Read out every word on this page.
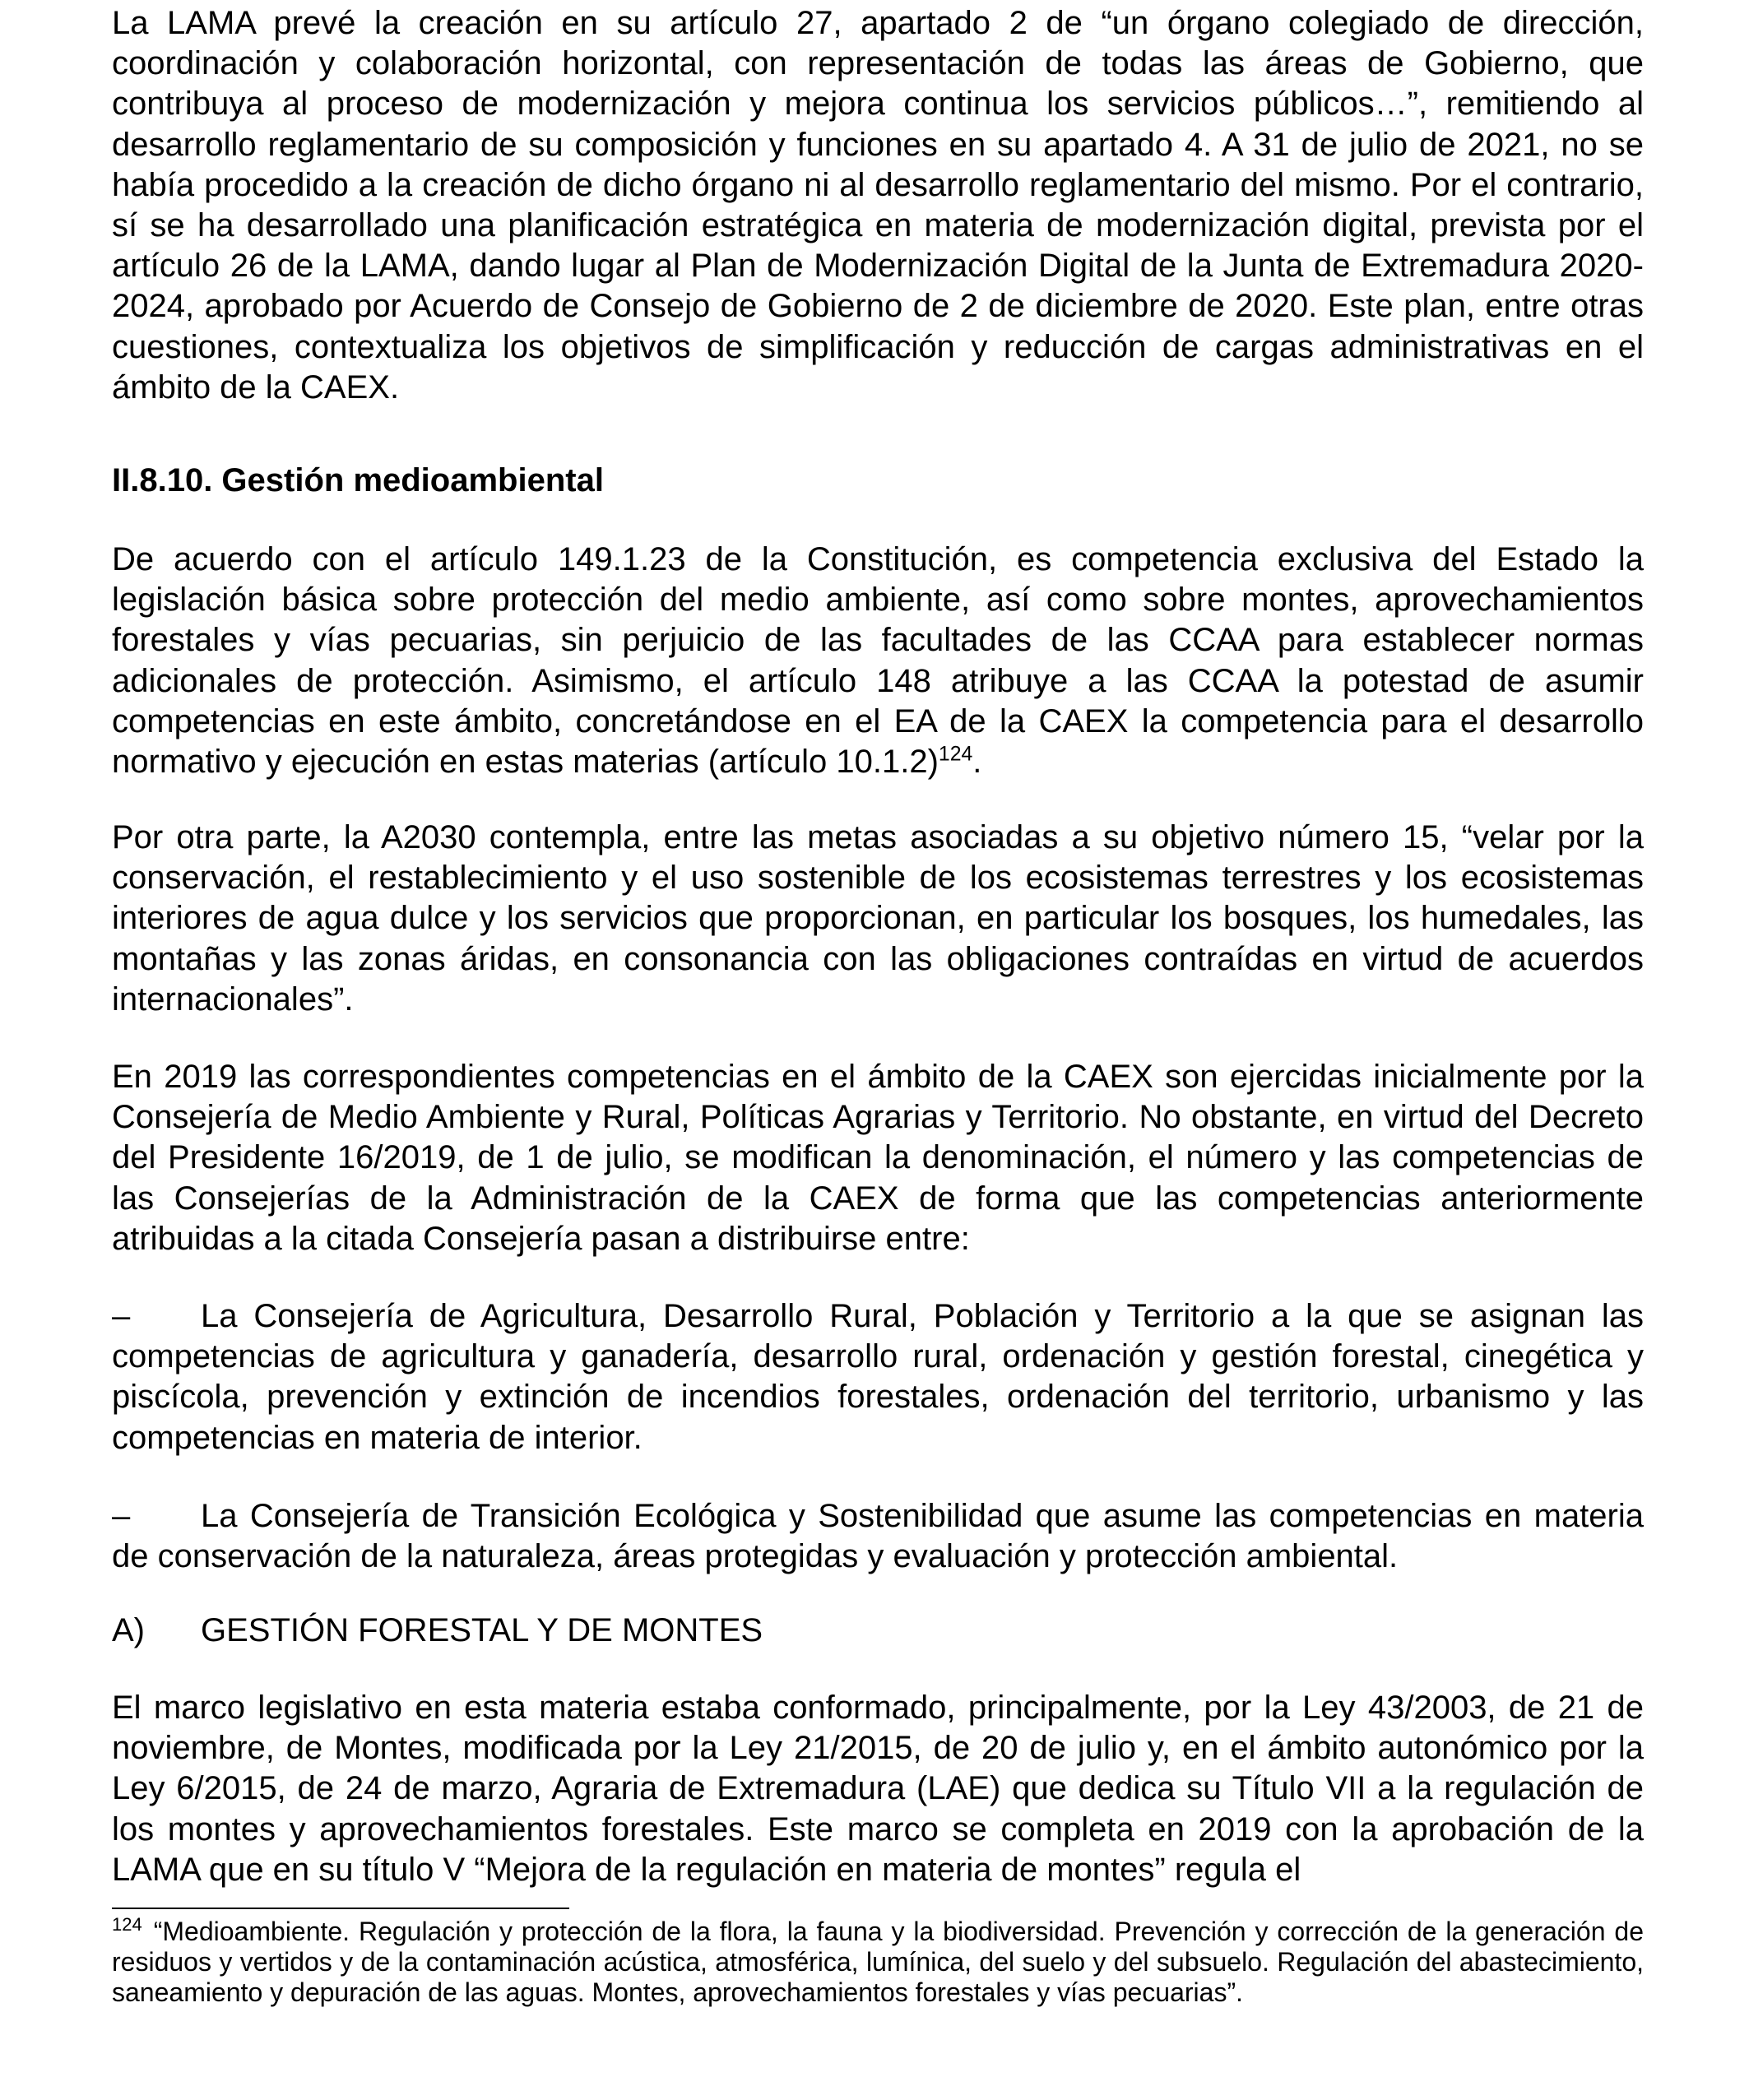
La LAMA prevé la creación en su artículo 27, apartado 2 de “un órgano colegiado de dirección, coordinación y colaboración horizontal, con representación de todas las áreas de Gobierno, que contribuya al proceso de modernización y mejora continua los servicios públicos…”, remitiendo al desarrollo reglamentario de su composición y funciones en su apartado 4. A 31 de julio de 2021, no se había procedido a la creación de dicho órgano ni al desarrollo reglamentario del mismo. Por el contrario, sí se ha desarrollado una planificación estratégica en materia de modernización digital, prevista por el artículo 26 de la LAMA, dando lugar al Plan de Modernización Digital de la Junta de Extremadura 2020-2024, aprobado por Acuerdo de Consejo de Gobierno de 2 de diciembre de 2020. Este plan, entre otras cuestiones, contextualiza los objetivos de simplificación y reducción de cargas administrativas en el ámbito de la CAEX.

II.8.10. Gestión medioambiental

De acuerdo con el artículo 149.1.23 de la Constitución, es competencia exclusiva del Estado la legislación básica sobre protección del medio ambiente, así como sobre montes, aprovechamientos forestales y vías pecuarias, sin perjuicio de las facultades de las CCAA para establecer normas adicionales de protección. Asimismo, el artículo 148 atribuye a las CCAA la potestad de asumir competencias en este ámbito, concretándose en el EA de la CAEX la competencia para el desarrollo normativo y ejecución en estas materias (artículo 10.1.2)$^{124}$.

Por otra parte, la A2030 contempla, entre las metas asociadas a su objetivo número 15, “velar por la conservación, el restablecimiento y el uso sostenible de los ecosistemas terrestres y los ecosistemas interiores de agua dulce y los servicios que proporcionan, en particular los bosques, los humedales, las montañas y las zonas áridas, en consonancia con las obligaciones contraídas en virtud de acuerdos internacionales”.

En 2019 las correspondientes competencias en el ámbito de la CAEX son ejercidas inicialmente por la Consejería de Medio Ambiente y Rural, Políticas Agrarias y Territorio. No obstante, en virtud del Decreto del Presidente 16/2019, de 1 de julio, se modifican la denominación, el número y las competencias de las Consejerías de la Administración de la CAEX de forma que las competencias anteriormente atribuidas a la citada Consejería pasan a distribuirse entre:

– La Consejería de Agricultura, Desarrollo Rural, Población y Territorio a la que se asignan las competencias de agricultura y ganadería, desarrollo rural, ordenación y gestión forestal, cinegética y piscícola, prevención y extinción de incendios forestales, ordenación del territorio, urbanismo y las competencias en materia de interior.

– La Consejería de Transición Ecológica y Sostenibilidad que asume las competencias en materia de conservación de la naturaleza, áreas protegidas y evaluación y protección ambiental.

A) GESTIÓN FORESTAL Y DE MONTES

El marco legislativo en esta materia estaba conformado, principalmente, por la Ley 43/2003, de 21 de noviembre, de Montes, modificada por la Ley 21/2015, de 20 de julio y, en el ámbito autonómico por la Ley 6/2015, de 24 de marzo, Agraria de Extremadura (LAE) que dedica su Título VII a la regulación de los montes y aprovechamientos forestales. Este marco se completa en 2019 con la aprobación de la LAMA que en su título V “Mejora de la regulación en materia de montes” regula el

$^{124}$ “Medioambiente. Regulación y protección de la flora, la fauna y la biodiversidad. Prevención y corrección de la generación de residuos y vertidos y de la contaminación acústica, atmosférica, lumínica, del suelo y del subsuelo. Regulación del abastecimiento, saneamiento y depuración de las aguas. Montes, aprovechamientos forestales y vías pecuarias”.
